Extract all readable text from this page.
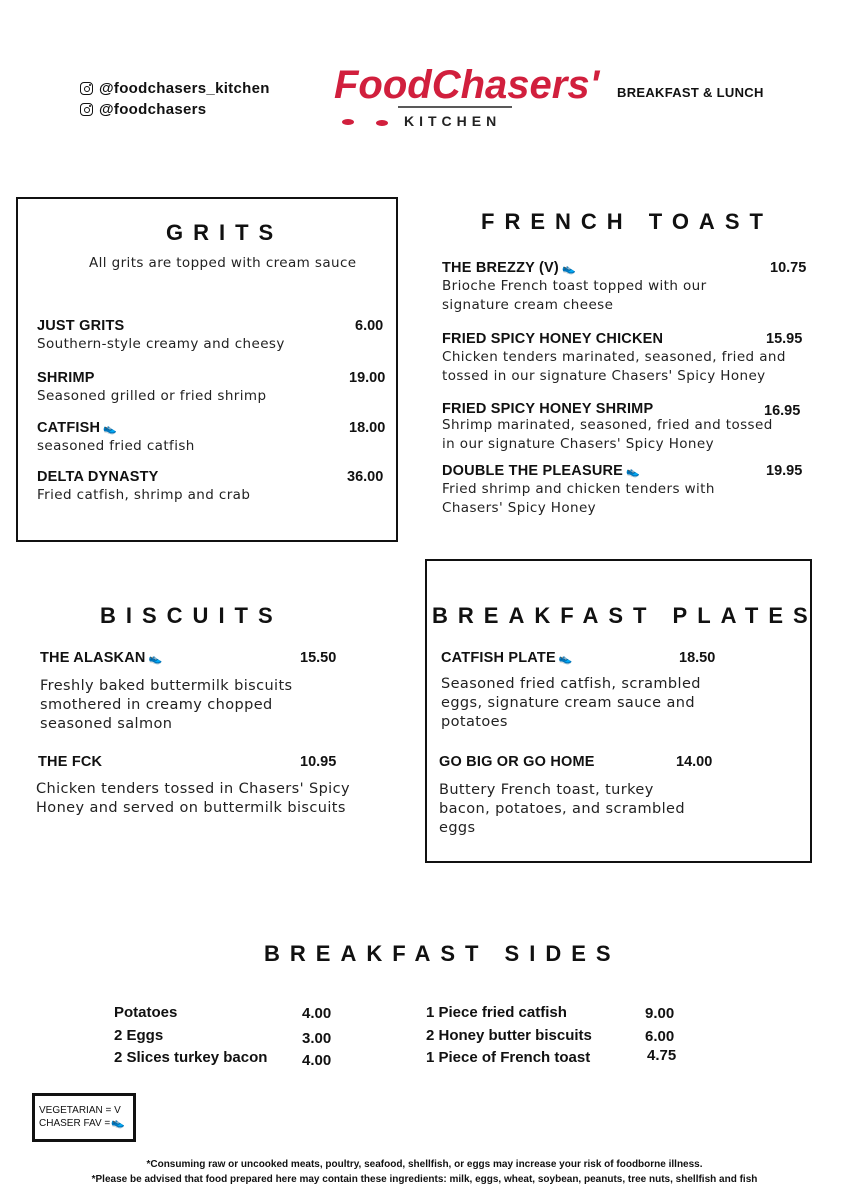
@foodchasers_kitchen
@foodchasers
FoodChasers'
KITCHEN
BREAKFAST & LUNCH
GRITS
All grits are topped with cream sauce
JUST GRITS	6.00
Southern-style creamy and cheesy
SHRIMP	19.00
Seasoned grilled or fried shrimp
CATFISH 👟	18.00
seasoned fried catfish
DELTA DYNASTY	36.00
Fried catfish, shrimp and crab
FRENCH TOAST
THE BREZZY (V) 👟	10.75
Brioche French toast topped with our signature cream cheese
FRIED SPICY HONEY CHICKEN	15.95
Chicken tenders marinated, seasoned, fried and tossed in our signature Chasers' Spicy Honey
FRIED SPICY HONEY SHRIMP	16.95
Shrimp marinated, seasoned, fried and tossed in our signature Chasers' Spicy Honey
DOUBLE THE PLEASURE 👟	19.95
Fried shrimp and chicken tenders with Chasers' Spicy Honey
BISCUITS
THE ALASKAN 👟	15.50
Freshly baked buttermilk biscuits smothered in creamy chopped seasoned salmon
THE FCK	10.95
Chicken tenders tossed in Chasers' Spicy Honey and served on buttermilk biscuits
BREAKFAST PLATES
CATFISH PLATE 👟	18.50
Seasoned fried catfish, scrambled eggs, signature cream sauce and potatoes
GO BIG OR GO HOME	14.00
Buttery French toast, turkey bacon, potatoes, and scrambled eggs
BREAKFAST SIDES
Potatoes	4.00
2 Eggs	3.00
2 Slices turkey bacon 4.00
1 Piece fried catfish	9.00
2 Honey butter biscuits	6.00
1 Piece of French toast	4.75
VEGETARIAN = V
CHASER FAV =👟
*Consuming raw or uncooked meats, poultry, seafood, shellfish, or eggs may increase your risk of foodborne illness.
*Please be advised that food prepared here may contain these ingredients: milk, eggs, wheat, soybean, peanuts, tree nuts, shellfish and fish
